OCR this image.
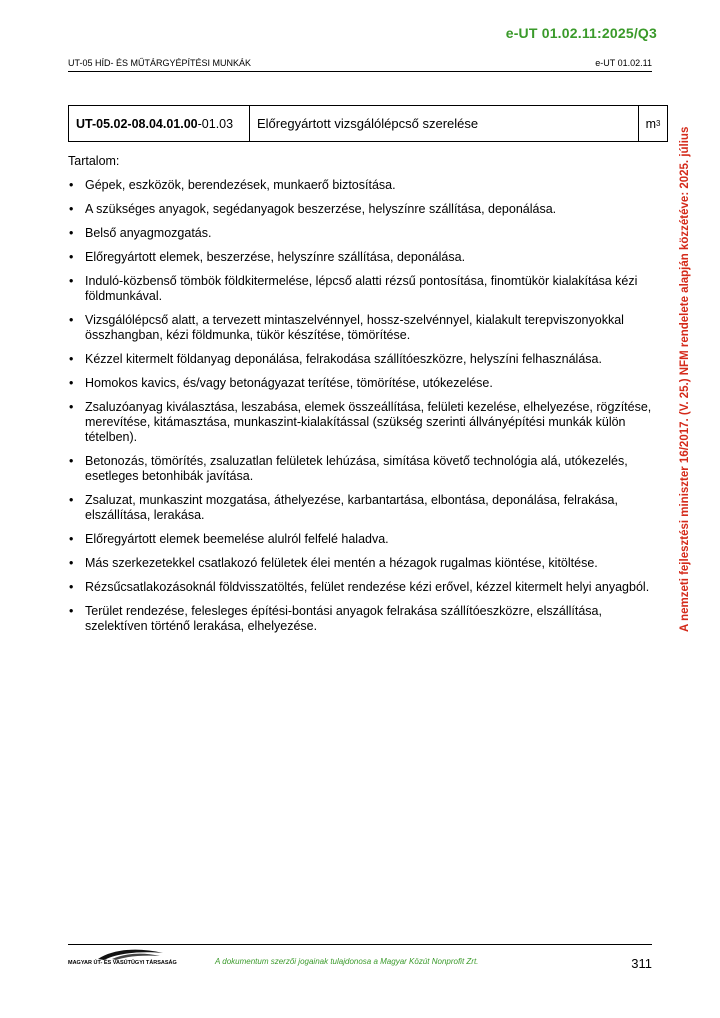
e-UT 01.02.11:2025/Q3
UT-05 HÍD- ÉS MŰTÁRGYÉPÍTÉSI MUNKÁK	e-UT 01.02.11
A nemzeti fejlesztési miniszter 16/2017. (V. 25.) NFM rendelete alapján közzétéve: 2025. július
UT-05.02-08.04.01.00 -01.03	Előregyártott vizsgálólépcső szerelése	m 3
Tartalom:
• Gépek, eszközök, berendezések, munkaerő biztosítása.
• A szükséges anyagok, segédanyagok beszerzése, helyszínre szállítása, deponálása.
• Belső anyagmozgatás.
• Előregyártott elemek, beszerzése, helyszínre szállítása, deponálása.
• Induló-közbenső tömbök földkitermelése, lépcső alatti rézsű pontosítása, finomtükör kialakítása kézi földmunkával.
• Vizsgálólépcső alatt, a tervezett mintaszelvénnyel, hossz-szelvénnyel, kialakult terepviszonyokkal összhangban, kézi földmunka, tükör készítése, tömörítése.
• Kézzel kitermelt földanyag deponálása, felrakodása szállítóeszközre, helyszíni felhasználása.
• Homokos kavics, és/vagy betonágyazat terítése, tömörítése, utókezelése.
• Zsaluzóanyag kiválasztása, leszabása, elemek összeállítása, felületi kezelése, elhelyezése, rögzítése, merevítése, kitámasztása, munkaszint-kialakítással (szükség szerinti állványépítési munkák külön tételben).
• Betonozás, tömörítés, zsaluzatlan felületek lehúzása, simítása követő technológia alá, utókezelés, esetleges betonhibák javítása.
• Zsaluzat, munkaszint mozgatása, áthelyezése, karbantartása, elbontása, deponálása, felrakása, elszállítása, lerakása.
• Előregyártott elemek beemelése alulról felfelé haladva.
• Más szerkezetekkel csatlakozó felületek élei mentén a hézagok rugalmas kiöntése, kitöltése.
• Rézsűcsatlakozásoknál földvisszatöltés, felület rendezése kézi erővel, kézzel kitermelt helyi anyagból.
• Terület rendezése, felesleges építési-bontási anyagok felrakása szállítóeszközre, elszállítása, szelektíven történő lerakása, elhelyezése.
MAGYAR ÚT- ÉS VASÚTÜGYI TÁRSASÁG	A dokumentum szerzői jogainak tulajdonosa a Magyar Közút Nonprofit Zrt.	311
